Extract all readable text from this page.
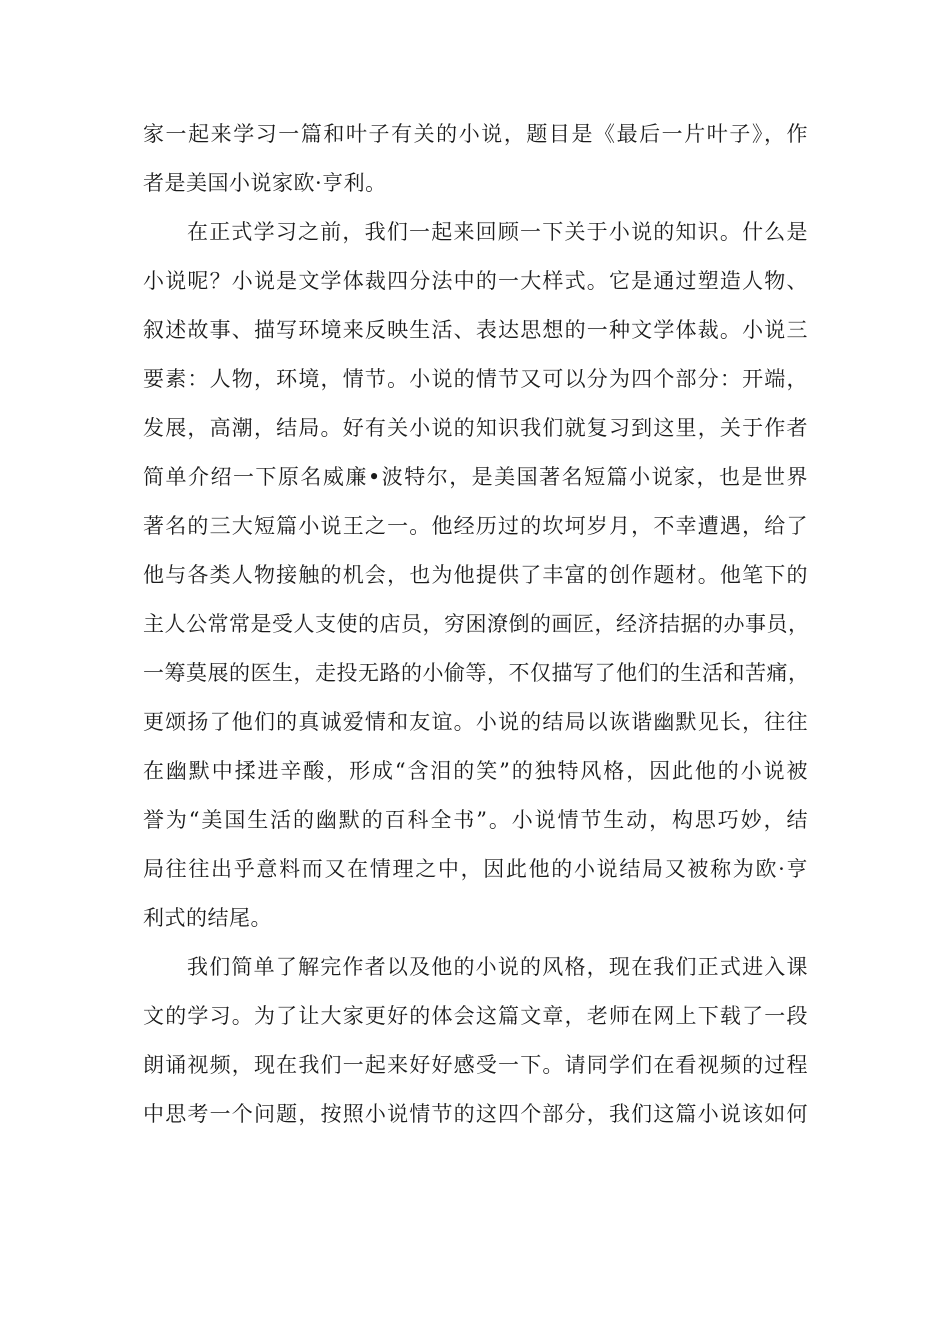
家一起来学习一篇和叶子有关的小说，题目是《最后一片叶子》，作
者是美国小说家欧·亨利。
在正式学习之前，我们一起来回顾一下关于小说的知识。什么是
小说呢？小说是文学体裁四分法中的一大样式。它是通过塑造人物、
叙述故事、描写环境来反映生活、表达思想的一种文学体裁。小说三
要素：人物，环境，情节。小说的情节又可以分为四个部分：开端，
发展，高潮，结局。好有关小说的知识我们就复习到这里，关于作者
简单介绍一下原名威廉•波特尔，是美国著名短篇小说家，也是世界
著名的三大短篇小说王之一。他经历过的坎坷岁月，不幸遭遇，给了
他与各类人物接触的机会，也为他提供了丰富的创作题材。他笔下的
主人公常常是受人支使的店员，穷困潦倒的画匠，经济拮据的办事员，
一筹莫展的医生，走投无路的小偷等，不仅描写了他们的生活和苦痛，
更颂扬了他们的真诚爱情和友谊。小说的结局以诙谐幽默见长，往往
在幽默中揉进辛酸，形成“含泪的笑”的独特风格，因此他的小说被
誉为“美国生活的幽默的百科全书”。小说情节生动，构思巧妙，结
局往往出乎意料而又在情理之中，因此他的小说结局又被称为欧·亨
利式的结尾。
我们简单了解完作者以及他的小说的风格，现在我们正式进入课
文的学习。为了让大家更好的体会这篇文章，老师在网上下载了一段
朗诵视频，现在我们一起来好好感受一下。请同学们在看视频的过程
中思考一个问题，按照小说情节的这四个部分，我们这篇小说该如何
